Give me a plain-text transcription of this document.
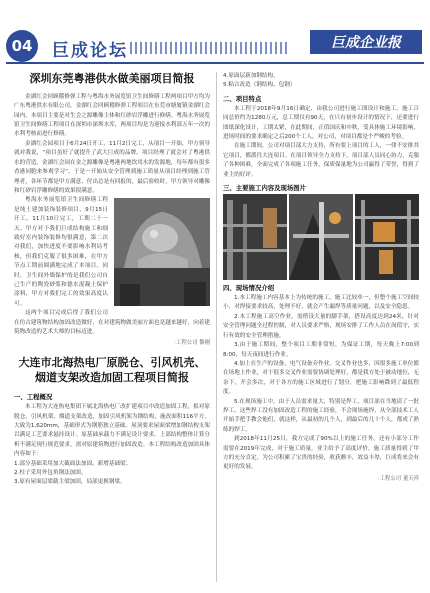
04	巨成论坛	巨成企业报
深圳东莞粤港供水做美丽项目简报

金湖红会回顾稽修弹工程与粤海水务展览馆卫生间修缮工程两项目甲方均为广东粤港供水有限公司，金湖红会回顾稽修弹工程项目在东莞市塘厦镇金湖红会园内。本项目主要是对生会之源雕像主体和红砂岩浮雕进行修缮。粤海水务展览馆卫生间修缮工程项目在深圳市深圳水库，两项目均是为迎接水利部五年一次的水利考核而进行修缮。

金湖红会园项目于6月24日开工，11月2日完工，从项目一开始，甲方领导就对我说，“项目虽好了就提升了武大巨成的品牌。项目经理了就会对了粤港供水的营造。金湖红会园在金之源雕像是粤港两地饮用水的发源地，每年都有很多香港同胞来参观学习”，于是一开始从安全管理到施工质量从项目经理到施工管理者，各环节都是甲方满意，付出总是有回报的，最后验收时，甲方领导对雕像和红砂岩浮雕修缮的效果很满意。

粤海水务展览馆卫生间修缮工程是纯土建加装饰装修项目，9月15日开工，11月10日完工，工期二十一天。甲方对于我们巨成结构施工和细致好室内装饰装修均很满意，第二次对我们，加快进度不要影响水利局考核，但我们克服了很多困难，在甲方节点工期前圆满地完成了本项目。同时，卫生间外墙保护的是我们公司自己生产的陶瓷砂浆和德水混凝土保护涂料，甲方对我们完工的效果高度认可。

这两个项目完成后得了我们公司在仿古建筑物结构加固改造做好，在对建筑物做美丽方面也是越来越好，向着建筑物改造的艺术大师的目标迈进。

·工程公司 黎刚
大连市北海热电厂原脱仓、引风机壳、烟道支架改造加固工程项目简报
一、工程概况

本工程为大连热电集团下属北海热电厂改扩建项目中改造加固工程，拟对原脱仓、引风机架、烟道支架改造，加固引风机架为钢结构，施改面积116平方，大致为1,620mm，基础形式为钢筋独立基础。屋顶要求屋面梁增加钢结构支架以满足工艺要求悬挂设计。原基础承载力不满足设计要求，上部结构整体计算分析不满足现行规范要求，需对原建筑物进行加固改造。本工程结构改造加固具体内容如下：

1.部分基础采用加大截面法加固、新增基础梁。

2.柱子采用外包角钢法加固。

3.原有屋面层梁截主梁加固，局部更换钢梁。

4.原面层新加钢结构。

5.粘合改造（钢结构、包钢）

二、项目特点

本工程于2018年9月16日确定，由我公司进行施工图设计和施工，施工合同总价约为1280万元，总工期仅有90天，在只有初步设计的情况下，还要进行图纸深化设计，工期太紧，在此期间，正值国庆和中秋，受具体施工环境影响，进场时间的要求确定之后200个工人，对公司，对项目都是个严峻的考验。

在施工期间，公司对项目部大力支持，所有要上项目的工人，一律不安排其它项目，都派往大连项目。在项目领导全力支持下，项目部人员同心协力，克服了各种困难，全面完成了各项施工任务，保质保量地为公司赢得了荣誉，得到了业主的好评。

三、主要施工内容及现场图片
四、现场情况介绍

1.本工程施工内容基本上为传统的施工，施工比较单一，但整个施工空间较小，对焊接要求较高，处理不好，就会产生漏焊等质量问题，以及安全隐患。

2.本工程施工高空作业，需搭设大量的脚手架，搭设高度达到24米，针对安全管理问题全过程控制，对人员要求严格，现场安排了工作人员在岗值守，实行有效的安全管理措施。

3.由于施工期间，整个项目工期非常短，为保证工期，每天晚上7:00到8:00，每天夜间进行作业。

4.加上在生产的设备，电气设备旁作业，交叉作业也多，因很多施工单位都在场地上作业，对于很多交叉作业需要协调处理好，都是我方处于被动地位，无奈下，开会多次，对于各方的施工区域进行了划分，把施工影响降到了最低程度。

5.在现场施工中，由于人员需求量大，特别是焊工，项目部在当地请了一批焊工，这些焊工没有加固改造工程的施工经验，不会现场施焊，从全部技术工人开始手把手教会他们，就这样，从最初的几个人，到最后的几十个人，都成了熟练的焊工。

到2018年11月25日，我方完成了90%以上的施工任务，还有小部分工作需要在2019年完成，对于施工质量，业主给予了高度评价，施工质量得到了甲方的充分肯定，为公司积累了宝贵的经验，收获颇丰，效益丰厚，巨成将来会有更好的发展。

·工程公司 董天祥
